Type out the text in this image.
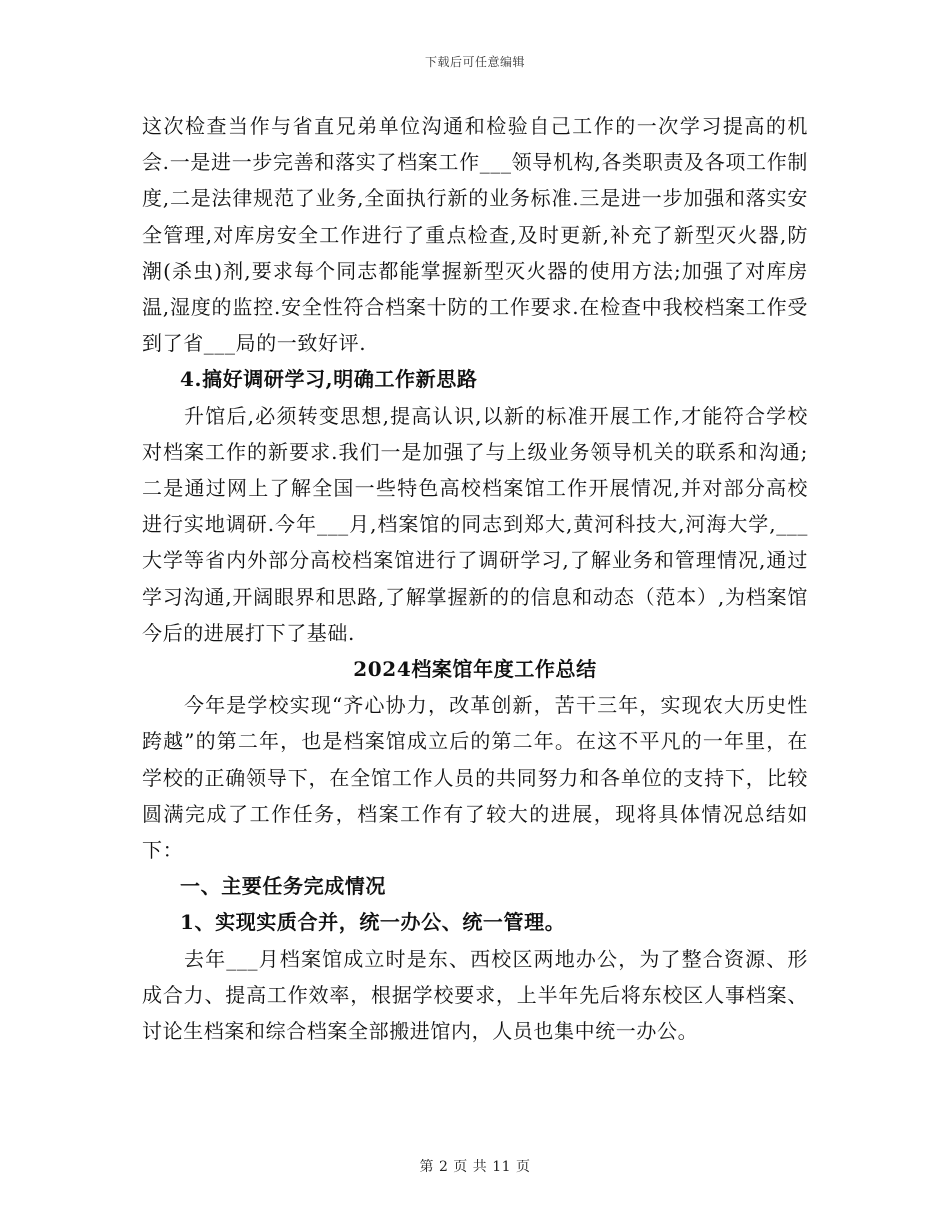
下载后可任意编辑

这次检查当作与省直兄弟单位沟通和检验自己工作的一次学习提高的机会.一是进一步完善和落实了档案工作___领导机构,各类职责及各项工作制度,二是法律规范了业务,全面执行新的业务标准.三是进一步加强和落实安全管理,对库房安全工作进行了重点检查,及时更新,补充了新型灭火器,防潮(杀虫)剂,要求每个同志都能掌握新型灭火器的使用方法;加强了对库房温,湿度的监控.安全性符合档案十防的工作要求.在检查中我校档案工作受到了省___局的一致好评.

4.搞好调研学习,明确工作新思路

升馆后,必须转变思想,提高认识,以新的标准开展工作,才能符合学校对档案工作的新要求.我们一是加强了与上级业务领导机关的联系和沟通;二是通过网上了解全国一些特色高校档案馆工作开展情况,并对部分高校进行实地调研.今年___月,档案馆的同志到郑大,黄河科技大,河海大学,___大学等省内外部分高校档案馆进行了调研学习,了解业务和管理情况,通过学习沟通,开阔眼界和思路,了解掌握新的的信息和动态（范本）,为档案馆今后的进展打下了基础.

2024档案馆年度工作总结

今年是学校实现“齐心协力，改革创新，苦干三年，实现农大历史性跨越”的第二年，也是档案馆成立后的第二年。在这不平凡的一年里，在学校的正确领导下，在全馆工作人员的共同努力和各单位的支持下，比较圆满完成了工作任务，档案工作有了较大的进展，现将具体情况总结如下：

一、主要任务完成情况

1、实现实质合并，统一办公、统一管理。

去年___月档案馆成立时是东、西校区两地办公，为了整合资源、形成合力、提高工作效率，根据学校要求，上半年先后将东校区人事档案、讨论生档案和综合档案全部搬进馆内，人员也集中统一办公。

第 2 页 共 11 页
